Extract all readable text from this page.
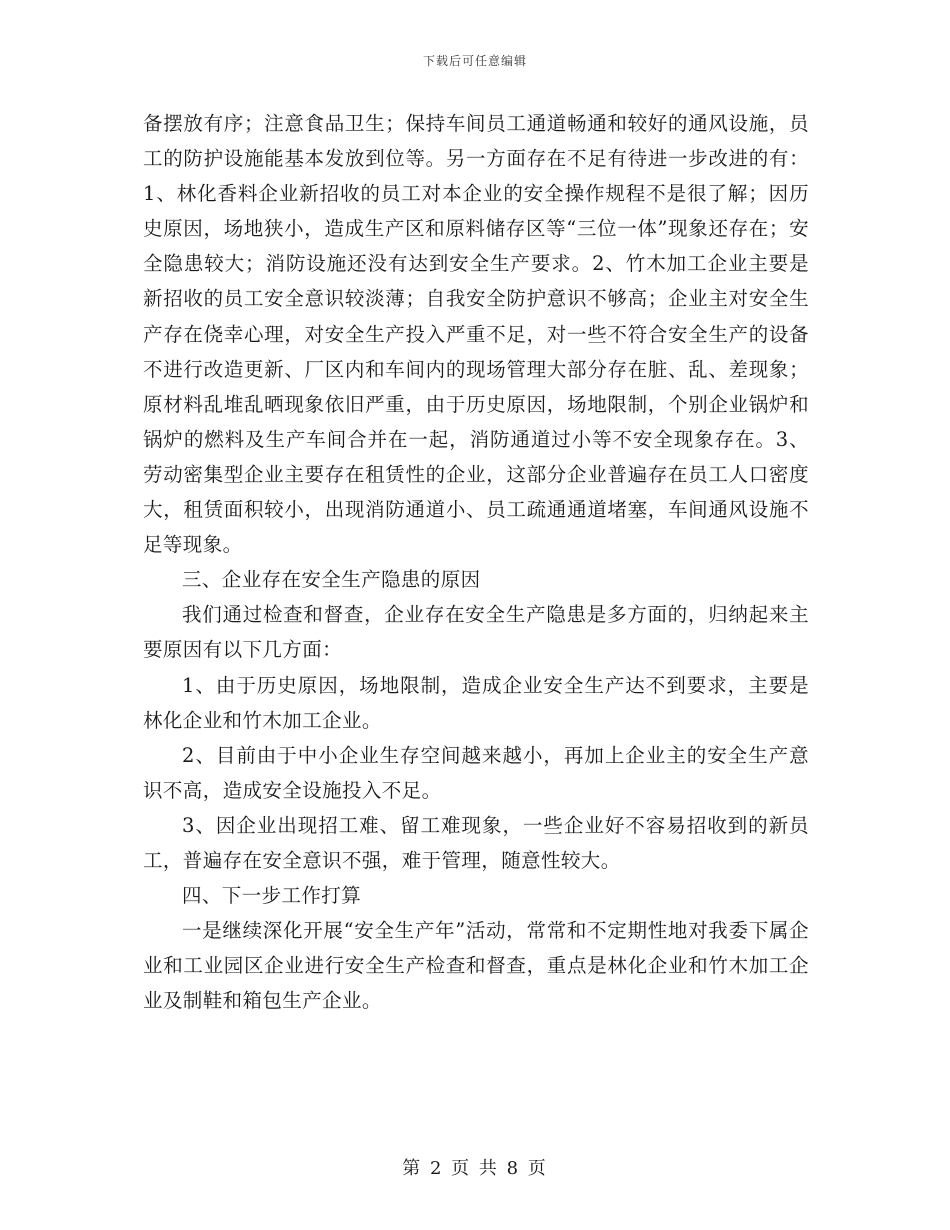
下载后可任意编辑

备摆放有序；注意食品卫生；保持车间员工通道畅通和较好的通风设施，员工的防护设施能基本发放到位等。另一方面存在不足有待进一步改进的有：1、林化香料企业新招收的员工对本企业的安全操作规程不是很了解；因历史原因，场地狭小，造成生产区和原料储存区等“三位一体”现象还存在；安全隐患较大；消防设施还没有达到安全生产要求。2、竹木加工企业主要是新招收的员工安全意识较淡薄；自我安全防护意识不够高；企业主对安全生产存在侥幸心理，对安全生产投入严重不足，对一些不符合安全生产的设备不进行改造更新、厂区内和车间内的现场管理大部分存在脏、乱、差现象；原材料乱堆乱晒现象依旧严重，由于历史原因，场地限制，个别企业锅炉和锅炉的燃料及生产车间合并在一起，消防通道过小等不安全现象存在。3、劳动密集型企业主要存在租赁性的企业，这部分企业普遍存在员工人口密度大，租赁面积较小，出现消防通道小、员工疏通通道堵塞，车间通风设施不足等现象。

三、企业存在安全生产隐患的原因

我们通过检查和督查，企业存在安全生产隐患是多方面的，归纳起来主要原因有以下几方面：

1、由于历史原因，场地限制，造成企业安全生产达不到要求，主要是林化企业和竹木加工企业。

2、目前由于中小企业生存空间越来越小，再加上企业主的安全生产意识不高，造成安全设施投入不足。

3、因企业出现招工难、留工难现象，一些企业好不容易招收到的新员工，普遍存在安全意识不强，难于管理，随意性较大。

四、下一步工作打算

一是继续深化开展“安全生产年”活动，常常和不定期性地对我委下属企业和工业园区企业进行安全生产检查和督查，重点是林化企业和竹木加工企业及制鞋和箱包生产企业。

第 2 页 共 8 页
